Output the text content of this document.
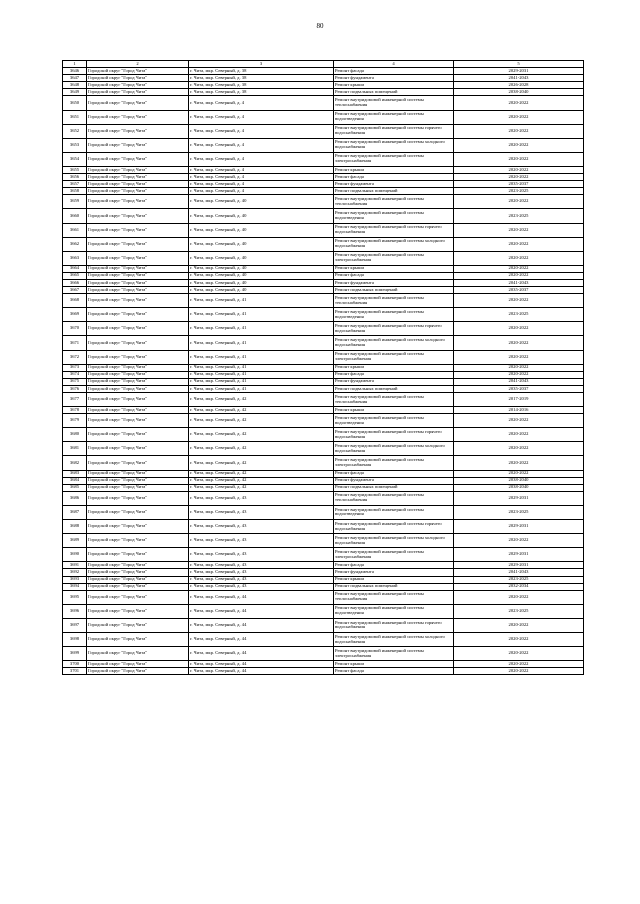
80
1	2	3	4	5
3646	Городской округ "Город Чита"	г. Чита, мкр. Северный, д. 38	Ремонт фасада	2029-2031
3647	Городской округ "Город Чита"	г. Чита, мкр. Северный, д. 38	Ремонт фундамента	2041-2043
3648	Городской округ "Город Чита"	г. Чита, мкр. Северный, д. 38	Ремонт крыши	2026-2028
3649	Городской округ "Город Чита"	г. Чита, мкр. Северный, д. 38	Ремонт подвальных помещений	2038-2040
3650	Городской округ "Город Чита"	г. Чита, мкр. Северный, д. 4	Ремонт внутридомовой инженерной системы теплоснабжения	2020-2022
3651	Городской округ "Город Чита"	г. Чита, мкр. Северный, д. 4	Ремонт внутридомовой инженерной системы водоотведения	2020-2022
3652	Городской округ "Город Чита"	г. Чита, мкр. Северный, д. 4	Ремонт внутридомовой инженерной системы горячего водоснабжения	2020-2022
3653	Городской округ "Город Чита"	г. Чита, мкр. Северный, д. 4	Ремонт внутридомовой инженерной системы холодного водоснабжения	2020-2022
3654	Городской округ "Город Чита"	г. Чита, мкр. Северный, д. 4	Ремонт внутридомовой инженерной системы электроснабжения	2020-2022
3655	Городской округ "Город Чита"	г. Чита, мкр. Северный, д. 4	Ремонт крыши	2020-2022
3656	Городской округ "Город Чита"	г. Чита, мкр. Северный, д. 4	Ремонт фасада	2020-2022
3657	Городской округ "Город Чита"	г. Чита, мкр. Северный, д. 4	Ремонт фундамента	2035-2037
3658	Городской округ "Город Чита"	г. Чита, мкр. Северный, д. 4	Ремонт подвальных помещений	2023-2025
3659	Городской округ "Город Чита"	г. Чита, мкр. Северный, д. 40	Ремонт внутридомовой инженерной системы теплоснабжения	2020-2022
3660	Городской округ "Город Чита"	г. Чита, мкр. Северный, д. 40	Ремонт внутридомовой инженерной системы водоотведения	2023-2025
3661	Городской округ "Город Чита"	г. Чита, мкр. Северный, д. 40	Ремонт внутридомовой инженерной системы горячего водоснабжения	2020-2022
3662	Городской округ "Город Чита"	г. Чита, мкр. Северный, д. 40	Ремонт внутридомовой инженерной системы холодного водоснабжения	2020-2022
3663	Городской округ "Город Чита"	г. Чита, мкр. Северный, д. 40	Ремонт внутридомовой инженерной системы электроснабжения	2020-2022
3664	Городской округ "Город Чита"	г. Чита, мкр. Северный, д. 40	Ремонт крыши	2020-2022
3665	Городской округ "Город Чита"	г. Чита, мкр. Северный, д. 40	Ремонт фасада	2020-2022
3666	Городской округ "Город Чита"	г. Чита, мкр. Северный, д. 40	Ремонт фундамента	2041-2043
3667	Городской округ "Город Чита"	г. Чита, мкр. Северный, д. 40	Ремонт подвальных помещений	2035-2037
3668	Городской округ "Город Чита"	г. Чита, мкр. Северный, д. 41	Ремонт внутридомовой инженерной системы теплоснабжения	2020-2022
3669	Городской округ "Город Чита"	г. Чита, мкр. Северный, д. 41	Ремонт внутридомовой инженерной системы водоотведения	2023-2025
3670	Городской округ "Город Чита"	г. Чита, мкр. Северный, д. 41	Ремонт внутридомовой инженерной системы горячего водоснабжения	2020-2022
3671	Городской округ "Город Чита"	г. Чита, мкр. Северный, д. 41	Ремонт внутридомовой инженерной системы холодного водоснабжения	2020-2022
3672	Городской округ "Город Чита"	г. Чита, мкр. Северный, д. 41	Ремонт внутридомовой инженерной системы электроснабжения	2020-2022
3673	Городской округ "Город Чита"	г. Чита, мкр. Северный, д. 41	Ремонт крыши	2020-2022
3674	Городской округ "Город Чита"	г. Чита, мкр. Северный, д. 41	Ремонт фасада	2020-2022
3675	Городской округ "Город Чита"	г. Чита, мкр. Северный, д. 41	Ремонт фундамента	2041-2043
3676	Городской округ "Город Чита"	г. Чита, мкр. Северный, д. 41	Ремонт подвальных помещений	2035-2037
3677	Городской округ "Город Чита"	г. Чита, мкр. Северный, д. 42	Ремонт внутридомовой инженерной системы теплоснабжения	2017-2019
3678	Городской округ "Город Чита"	г. Чита, мкр. Северный, д. 42	Ремонт крыши	2014-2016
3679	Городской округ "Город Чита"	г. Чита, мкр. Северный, д. 42	Ремонт внутридомовой инженерной системы водоотведения	2020-2022
3680	Городской округ "Город Чита"	г. Чита, мкр. Северный, д. 42	Ремонт внутридомовой инженерной системы горячего водоснабжения	2020-2022
3681	Городской округ "Город Чита"	г. Чита, мкр. Северный, д. 42	Ремонт внутридомовой инженерной системы холодного водоснабжения	2020-2022
3682	Городской округ "Город Чита"	г. Чита, мкр. Северный, д. 42	Ремонт внутридомовой инженерной системы электроснабжения	2020-2022
3683	Городской округ "Город Чита"	г. Чита, мкр. Северный, д. 42	Ремонт фасада	2020-2022
3684	Городской округ "Город Чита"	г. Чита, мкр. Северный, д. 42	Ремонт фундамента	2038-2040
3685	Городской округ "Город Чита"	г. Чита, мкр. Северный, д. 42	Ремонт подвальных помещений	2038-2040
3686	Городской округ "Город Чита"	г. Чита, мкр. Северный, д. 43	Ремонт внутридомовой инженерной системы теплоснабжения	2029-2031
3687	Городской округ "Город Чита"	г. Чита, мкр. Северный, д. 43	Ремонт внутридомовой инженерной системы водоотведения	2023-2025
3688	Городской округ "Город Чита"	г. Чита, мкр. Северный, д. 43	Ремонт внутридомовой инженерной системы горячего водоснабжения	2029-2031
3689	Городской округ "Город Чита"	г. Чита, мкр. Северный, д. 43	Ремонт внутридомовой инженерной системы холодного водоснабжения	2020-2022
3690	Городской округ "Город Чита"	г. Чита, мкр. Северный, д. 43	Ремонт внутридомовой инженерной системы электроснабжения	2029-2031
3691	Городской округ "Город Чита"	г. Чита, мкр. Северный, д. 43	Ремонт фасада	2029-2031
3692	Городской округ "Город Чита"	г. Чита, мкр. Северный, д. 43	Ремонт фундамента	2041-2043
3693	Городской округ "Город Чита"	г. Чита, мкр. Северный, д. 43	Ремонт крыши	2023-2025
3694	Городской округ "Город Чита"	г. Чита, мкр. Северный, д. 43	Ремонт подвальных помещений	2032-2034
3695	Городской округ "Город Чита"	г. Чита, мкр. Северный, д. 44	Ремонт внутридомовой инженерной системы теплоснабжения	2020-2022
3696	Городской округ "Город Чита"	г. Чита, мкр. Северный, д. 44	Ремонт внутридомовой инженерной системы водоотведения	2023-2025
3697	Городской округ "Город Чита"	г. Чита, мкр. Северный, д. 44	Ремонт внутридомовой инженерной системы горячего водоснабжения	2020-2022
3698	Городской округ "Город Чита"	г. Чита, мкр. Северный, д. 44	Ремонт внутридомовой инженерной системы холодного водоснабжения	2020-2022
3699	Городской округ "Город Чита"	г. Чита, мкр. Северный, д. 44	Ремонт внутридомовой инженерной системы электроснабжения	2020-2022
3700	Городской округ "Город Чита"	г. Чита, мкр. Северный, д. 44	Ремонт крыши	2020-2022
3701	Городской округ "Город Чита"	г. Чита, мкр. Северный, д. 44	Ремонт фасада	2020-2022
